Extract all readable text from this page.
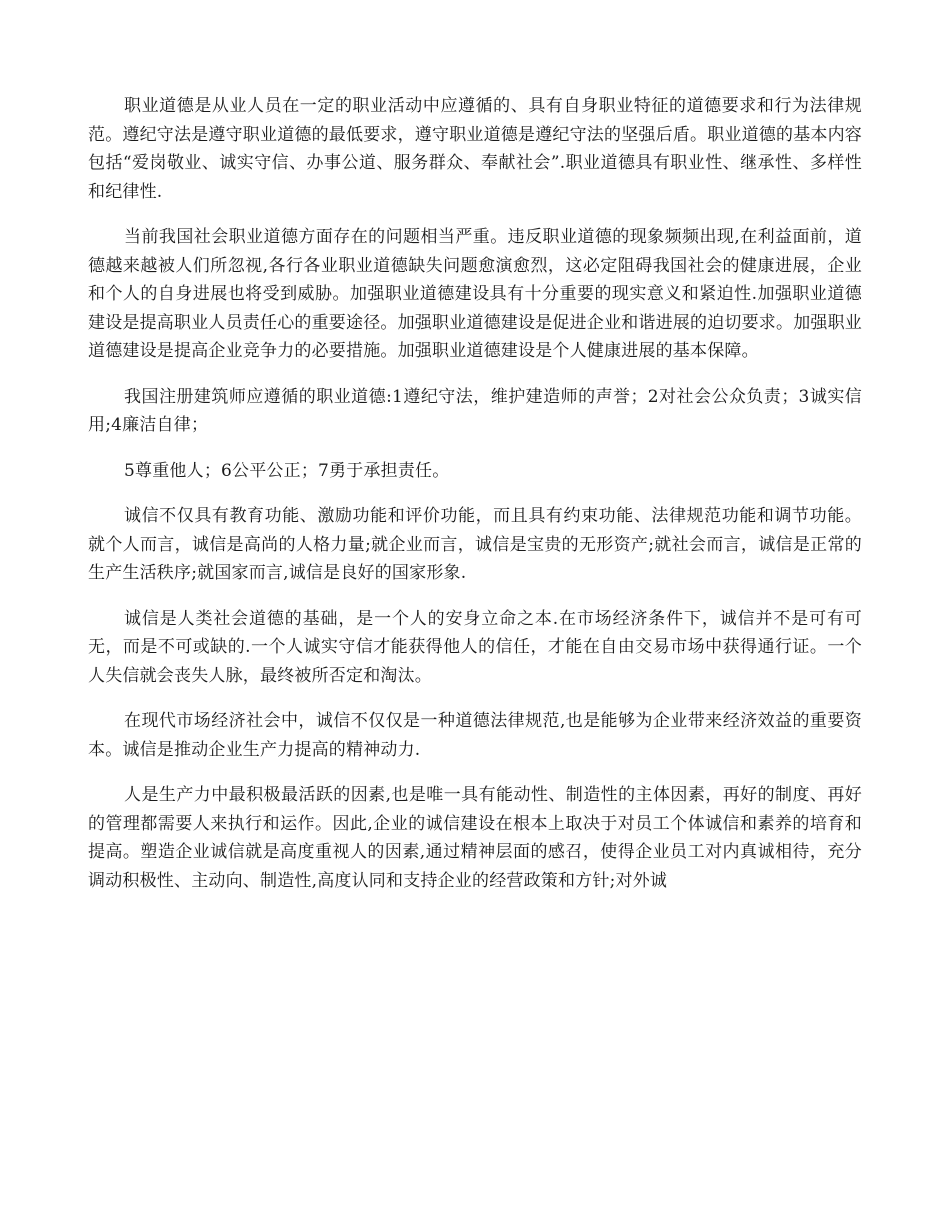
职业道德是从业人员在一定的职业活动中应遵循的、具有自身职业特征的道德要求和行为法律规范。遵纪守法是遵守职业道德的最低要求，遵守职业道德是遵纪守法的坚强后盾。职业道德的基本内容包括“爱岗敬业、诚实守信、办事公道、服务群众、奉献社会”.职业道德具有职业性、继承性、多样性和纪律性.

当前我国社会职业道德方面存在的问题相当严重。违反职业道德的现象频频出现,在利益面前，道德越来越被人们所忽视,各行各业职业道德缺失问题愈演愈烈，这必定阻碍我国社会的健康进展，企业和个人的自身进展也将受到威胁。加强职业道德建设具有十分重要的现实意义和紧迫性.加强职业道德建设是提高职业人员责任心的重要途径。加强职业道德建设是促进企业和谐进展的迫切要求。加强职业道德建设是提高企业竞争力的必要措施。加强职业道德建设是个人健康进展的基本保障。

我国注册建筑师应遵循的职业道德:1遵纪守法，维护建造师的声誉；2对社会公众负责；3诚实信用;4廉洁自律；

5尊重他人；6公平公正；7勇于承担责任。

诚信不仅具有教育功能、激励功能和评价功能，而且具有约束功能、法律规范功能和调节功能。就个人而言，诚信是高尚的人格力量;就企业而言，诚信是宝贵的无形资产;就社会而言，诚信是正常的生产生活秩序;就国家而言,诚信是良好的国家形象.

诚信是人类社会道德的基础，是一个人的安身立命之本.在市场经济条件下，诚信并不是可有可无，而是不可或缺的.一个人诚实守信才能获得他人的信任，才能在自由交易市场中获得通行证。一个人失信就会丧失人脉，最终被所否定和淘汰。

在现代市场经济社会中，诚信不仅仅是一种道德法律规范,也是能够为企业带来经济效益的重要资本。诚信是推动企业生产力提高的精神动力.

人是生产力中最积极最活跃的因素,也是唯一具有能动性、制造性的主体因素，再好的制度、再好的管理都需要人来执行和运作。因此,企业的诚信建设在根本上取决于对员工个体诚信和素养的培育和提高。塑造企业诚信就是高度重视人的因素,通过精神层面的感召，使得企业员工对内真诚相待，充分调动积极性、主动向、制造性,高度认同和支持企业的经营政策和方针;对外诚
